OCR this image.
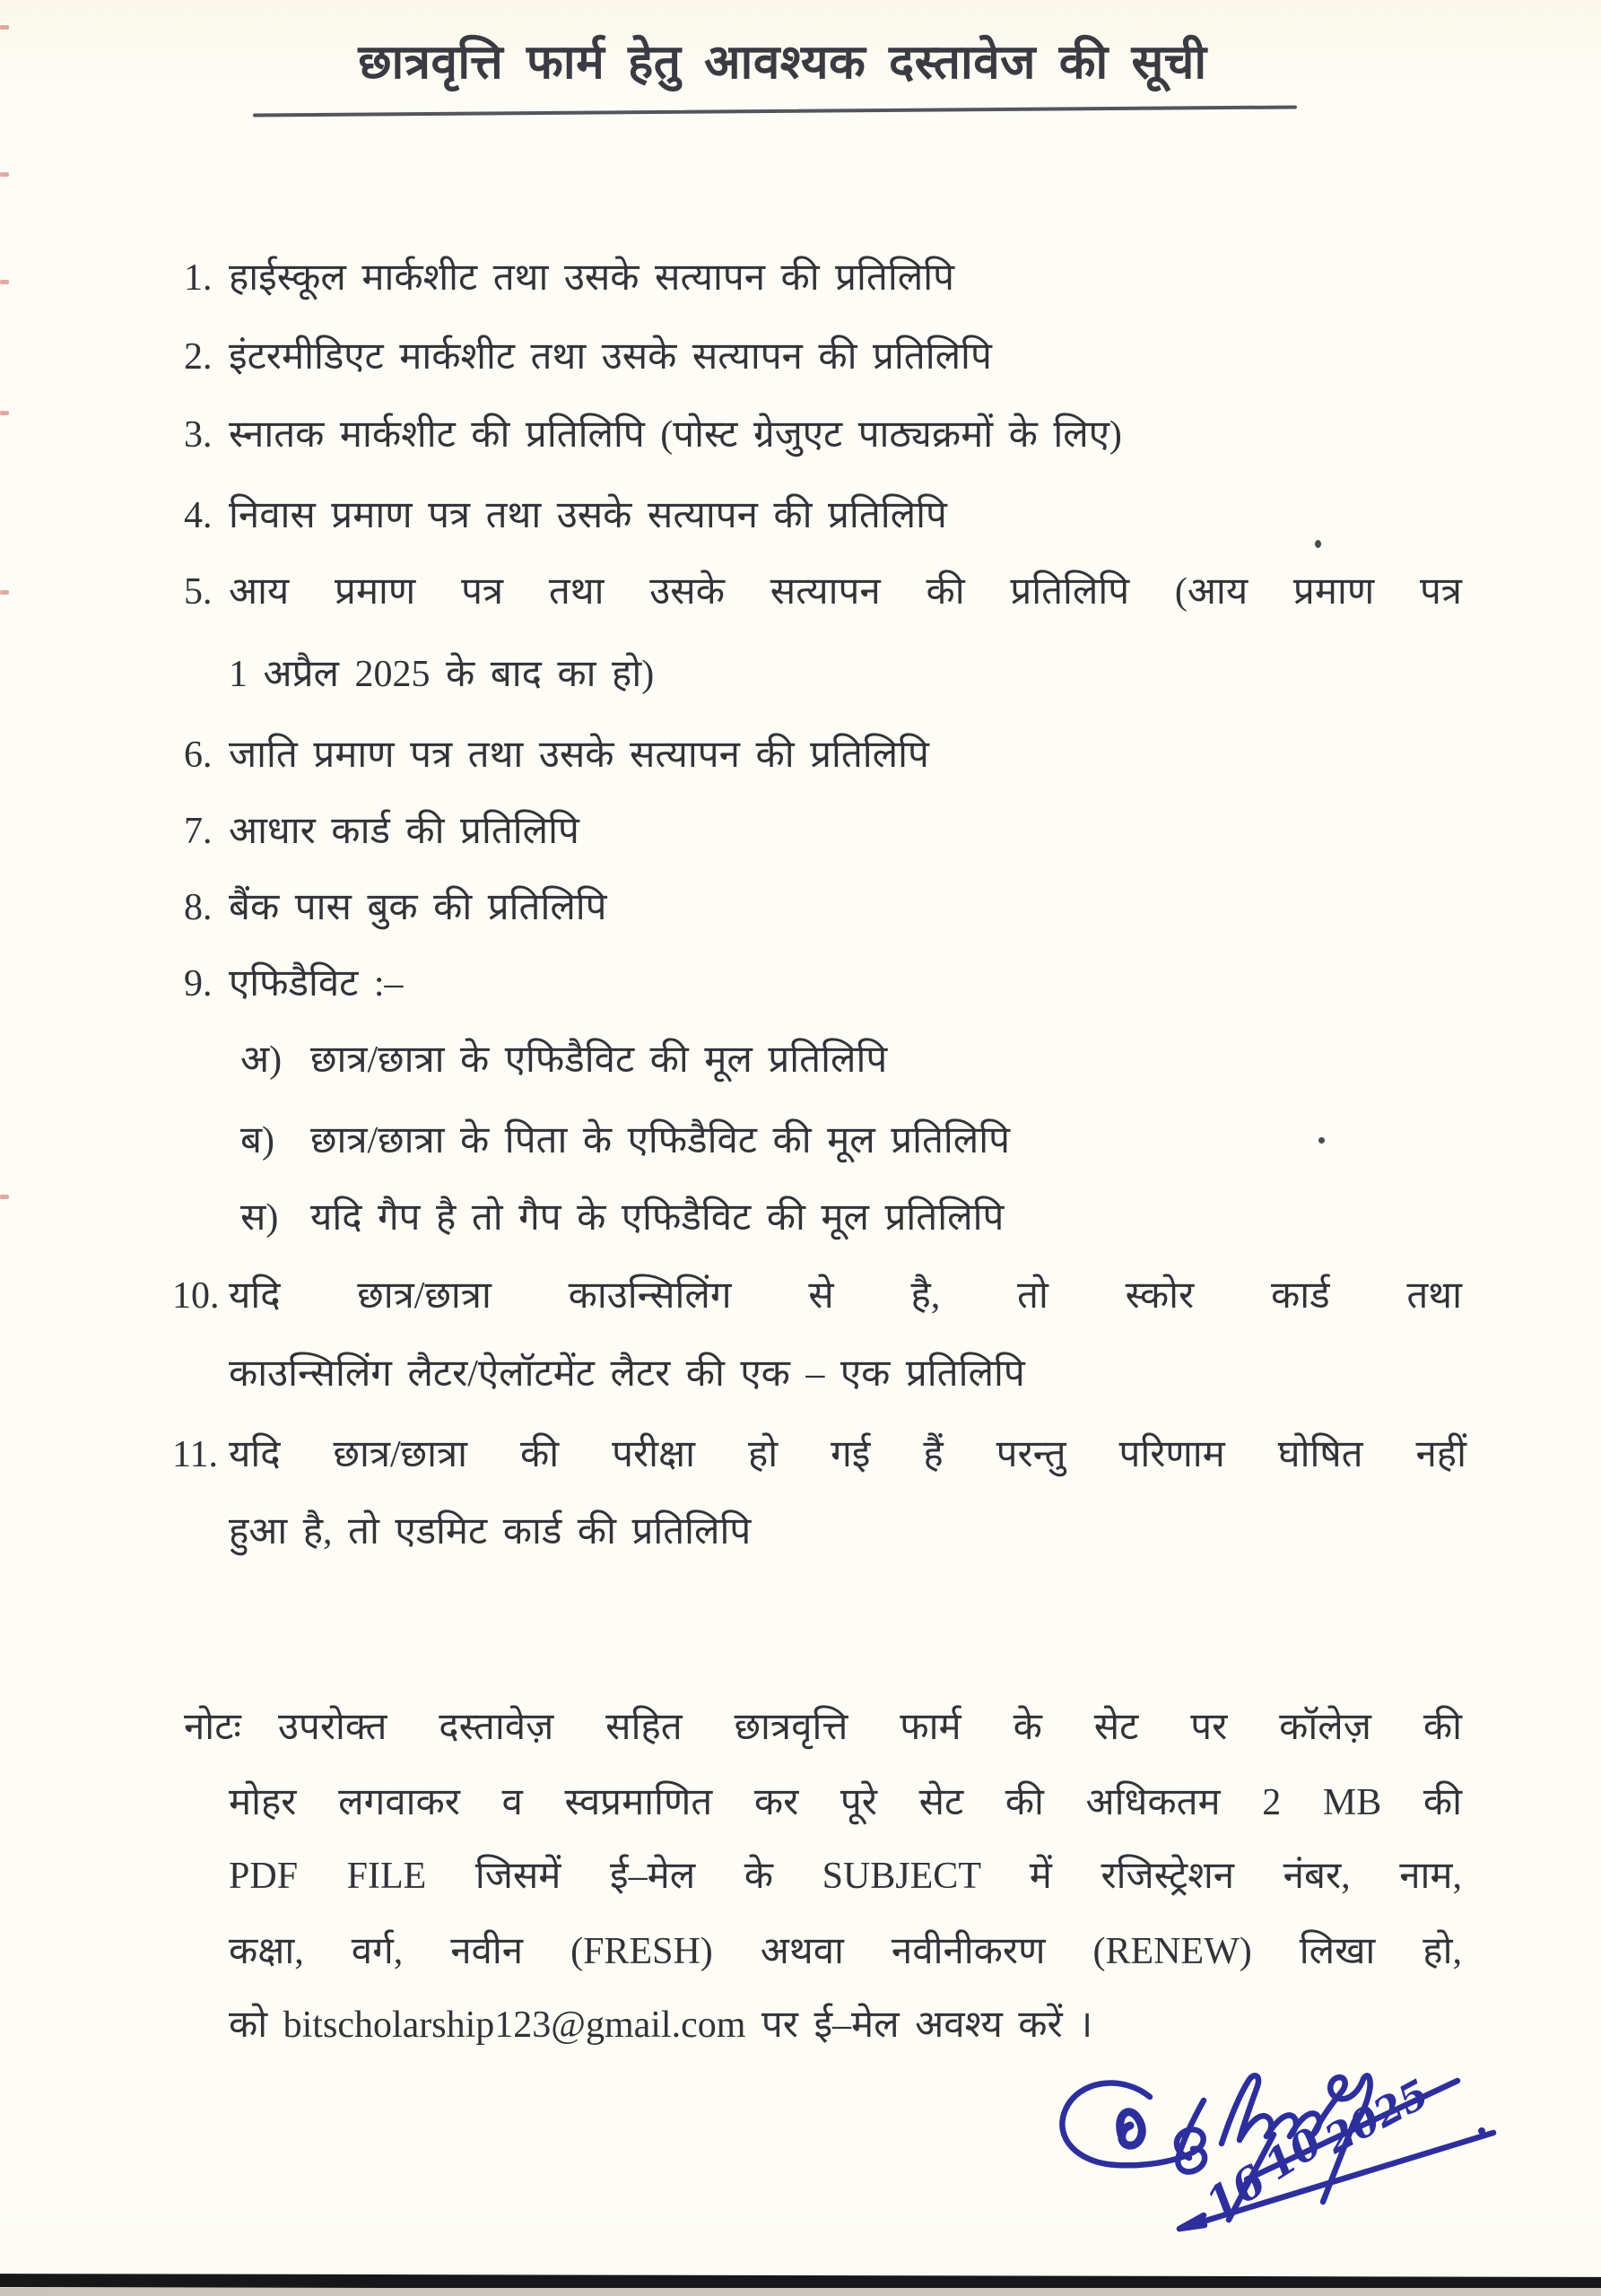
छात्रवृत्ति फार्म हेतु आवश्यक दस्तावेज की सूची
1. हाईस्कूल मार्कशीट तथा उसके सत्यापन की प्रतिलिपि
2. इंटरमीडिएट मार्कशीट तथा उसके सत्यापन की प्रतिलिपि
3. स्नातक मार्कशीट की प्रतिलिपि (पोस्ट ग्रेजुएट पाठ्यक्रमों के लिए)
4. निवास प्रमाण पत्र तथा उसके सत्यापन की प्रतिलिपि
5. आय प्रमाण पत्र तथा उसके सत्यापन की प्रतिलिपि (आय प्रमाण पत्र
1 अप्रैल 2025 के बाद का हो)
6. जाति प्रमाण पत्र तथा उसके सत्यापन की प्रतिलिपि
7. आधार कार्ड की प्रतिलिपि
8. बैंक पास बुक की प्रतिलिपि
9. एफिडैविट :–
अ) छात्र/छात्रा के एफिडैविट की मूल प्रतिलिपि
ब) छात्र/छात्रा के पिता के एफिडैविट की मूल प्रतिलिपि
स) यदि गैप है तो गैप के एफिडैविट की मूल प्रतिलिपि
10. यदि छात्र/छात्रा काउन्सिलिंग से है, तो स्कोर कार्ड तथा
काउन्सिलिंग लैटर/ऐलॉटमेंट लैटर की एक – एक प्रतिलिपि
11. यदि छात्र/छात्रा की परीक्षा हो गई हैं परन्तु परिणाम घोषित नहीं
हुआ है, तो एडमिट कार्ड की प्रतिलिपि
नोटः उपरोक्त दस्तावेज़ सहित छात्रवृत्ति फार्म के सेट पर कॉलेज़ की
मोहर लगवाकर व स्वप्रमाणित कर पूरे सेट की अधिकतम 2 MB की
PDF FILE जिसमें ई–मेल के SUBJECT में रजिस्ट्रेशन नंबर, नाम,
कक्षा, वर्ग, नवीन (FRESH) अथवा नवीनीकरण (RENEW) लिखा हो,
को bitscholarship123@gmail.com पर ई–मेल अवश्य करें ।
16
10
2025
